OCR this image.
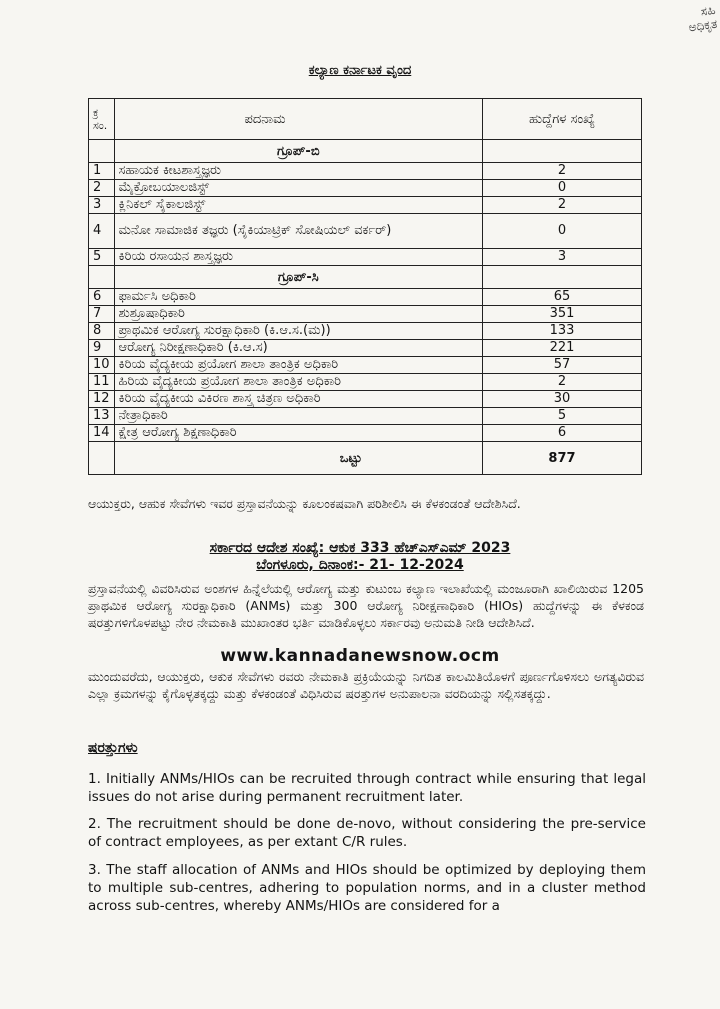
ಸಹಿ
ಅಧಿಕೃತ
ಕಲ್ಯಾಣ ಕರ್ನಾಟಕ ವೃಂದ
ಕ್ರ ಸಂ.	ಪದನಾಮ	ಹುದ್ದೆಗಳ ಸಂಖ್ಯೆ
	ಗ್ರೂಪ್-ಬಿ	
1	ಸಹಾಯಕ ಕೀಟಶಾಸ್ತ್ರಜ್ಞರು	2
2	ಮೈಕ್ರೋಬಯಾಲಜಿಸ್ಟ್	0
3	ಕ್ಲಿನಿಕಲ್ ಸೈಕಾಲಜಿಸ್ಟ್	2
4	ಮನೋ ಸಾಮಾಜಿಕ ತಜ್ಞರು (ಸೈಕಿಯಾಟ್ರಿಕ್ ಸೋಷಿಯಲ್ ವರ್ಕರ್)	0
5	ಕಿರಿಯ ರಸಾಯನ ಶಾಸ್ತ್ರಜ್ಞರು	3
	ಗ್ರೂಪ್-ಸಿ	
6	ಫಾರ್ಮಸಿ ಅಧಿಕಾರಿ	65
7	ಶುಶ್ರೂಷಾಧಿಕಾರಿ	351
8	ಪ್ರಾಥಮಿಕ ಆರೋಗ್ಯ ಸುರಕ್ಷಾಧಿಕಾರಿ (ಕಿ.ಆ.ಸ.(ಮ))	133
9	ಆರೋಗ್ಯ ನಿರೀಕ್ಷಣಾಧಿಕಾರಿ (ಕಿ.ಆ.ಸ)	221
10	ಕಿರಿಯ ವೈದ್ಯಕೀಯ ಪ್ರಯೋಗ ಶಾಲಾ ತಾಂತ್ರಿಕ ಅಧಿಕಾರಿ	57
11	ಹಿರಿಯ ವೈದ್ಯಕೀಯ ಪ್ರಯೋಗ ಶಾಲಾ ತಾಂತ್ರಿಕ ಅಧಿಕಾರಿ	2
12	ಕಿರಿಯ ವೈದ್ಯಕೀಯ ವಿಕಿರಣ ಶಾಸ್ತ್ರ ಚಿತ್ರಣ ಅಧಿಕಾರಿ	30
13	ನೇತ್ರಾಧಿಕಾರಿ	5
14	ಕ್ಷೇತ್ರ ಆರೋಗ್ಯ ಶಿಕ್ಷಣಾಧಿಕಾರಿ	6
	ಒಟ್ಟು	877
ಆಯುಕ್ತರು, ಆಹುಕ ಸೇವೆಗಳು ಇವರ ಪ್ರಸ್ತಾವನೆಯನ್ನು ಕೂಲಂಕಷವಾಗಿ ಪರಿಶೀಲಿಸಿ ಈ ಕೆಳಕಂಡಂತೆ ಆದೇಶಿಸಿದೆ.
ಸರ್ಕಾರದ ಆದೇಶ ಸಂಖ್ಯೆ: ಆಕುಕ 333 ಹೆಚ್‌ಎಸ್‌ಎಮ್ 2023
ಬೆಂಗಳೂರು, ದಿನಾಂಕ:- 21- 12-2024
ಪ್ರಸ್ತಾವನೆಯಲ್ಲಿ ವಿವರಿಸಿರುವ ಅಂಶಗಳ ಹಿನ್ನೆಲೆಯಲ್ಲಿ ಆರೋಗ್ಯ ಮತ್ತು ಕುಟುಂಬ ಕಲ್ಯಾಣ ಇಲಾಖೆಯಲ್ಲಿ ಮಂಜೂರಾಗಿ ಖಾಲಿಯಿರುವ 1205 ಪ್ರಾಥಮಿಕ ಆರೋಗ್ಯ ಸುರಕ್ಷಾಧಿಕಾರಿ (ANMs) ಮತ್ತು 300 ಆರೋಗ್ಯ ನಿರೀಕ್ಷಣಾಧಿಕಾರಿ (HIOs) ಹುದ್ದೆಗಳನ್ನು ಈ ಕೆಳಕಂಡ ಷರತ್ತುಗಳಿಗೊಳಪಟ್ಟು ನೇರ ನೇಮಕಾತಿ ಮುಖಾಂತರ ಭರ್ತಿ ಮಾಡಿಕೊಳ್ಳಲು ಸರ್ಕಾರವು ಅನುಮತಿ ನೀಡಿ ಆದೇಶಿಸಿದೆ.
www.kannadanewsnow.ocm
ಮುಂದುವರೆದು, ಆಯುಕ್ತರು, ಆಕುಕ ಸೇವೆಗಳು ರವರು ನೇಮಕಾತಿ ಪ್ರಕ್ರಿಯೆಯನ್ನು ನಿಗದಿತ ಕಾಲಮಿತಿಯೊಳಗೆ ಪೂರ್ಣಗೊಳಿಸಲು ಅಗತ್ಯವಿರುವ ಎಲ್ಲಾ ಕ್ರಮಗಳನ್ನು ಕೈಗೊಳ್ಳತಕ್ಕದ್ದು ಮತ್ತು ಕೆಳಕಂಡಂತೆ ವಿಧಿಸಿರುವ ಷರತ್ತುಗಳ ಅನುಪಾಲನಾ ವರದಿಯನ್ನು ಸಲ್ಲಿಸತಕ್ಕದ್ದು.
ಷರತ್ತುಗಳು
1. Initially ANMs/HIOs can be recruited through contract while ensuring that legal issues do not arise during permanent recruitment later.
2. The recruitment should be done de-novo, without considering the pre-service of contract employees, as per extant C/R rules.
3. The staff allocation of ANMs and HIOs should be optimized by deploying them to multiple sub-centres, adhering to population norms, and in a cluster method across sub-centres, whereby ANMs/HIOs are considered for a
